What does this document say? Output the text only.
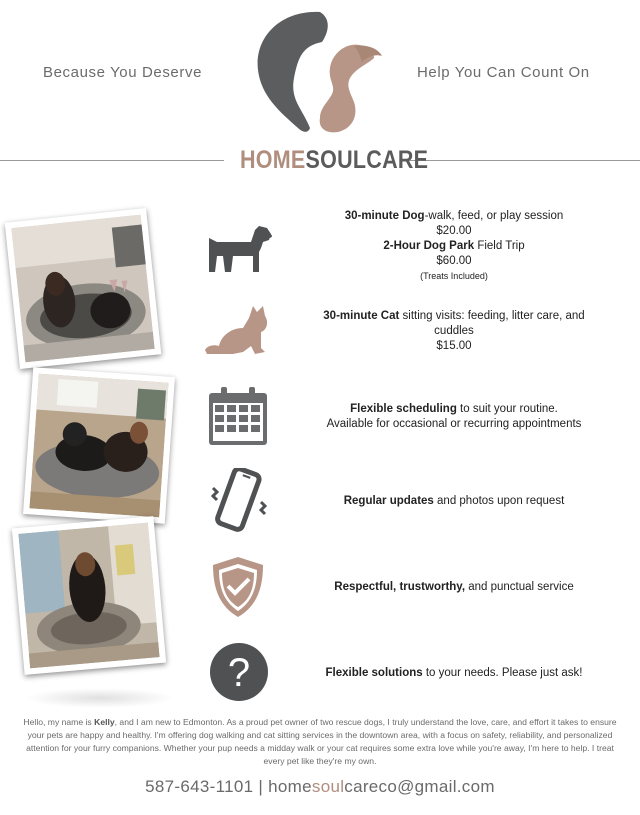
Because You Deserve	Help You Can Count On
HOMESOULCARE
?
30-minute Dog-walk, feed, or play session
$20.00
2-Hour Dog Park Field Trip
$60.00
(Treats Included)
30-minute Cat sitting visits: feeding, litter care, and cuddles
$15.00
Flexible scheduling to suit your routine.
Available for occasional or recurring appointments
Regular updates and photos upon request
Respectful, trustworthy, and punctual service
Flexible solutions to your needs. Please just ask!
Hello, my name is Kelly, and I am new to Edmonton. As a proud pet owner of two rescue dogs, I truly understand the love, care, and effort it takes to ensure your pets are happy and healthy. I'm offering dog walking and cat sitting services in the downtown area, with a focus on safety, reliability, and personalized attention for your furry companions. Whether your pup needs a midday walk or your cat requires some extra love while you're away, I'm here to help. I treat every pet like they're my own.
587-643-1101 | homesoulcareco@gmail.com
